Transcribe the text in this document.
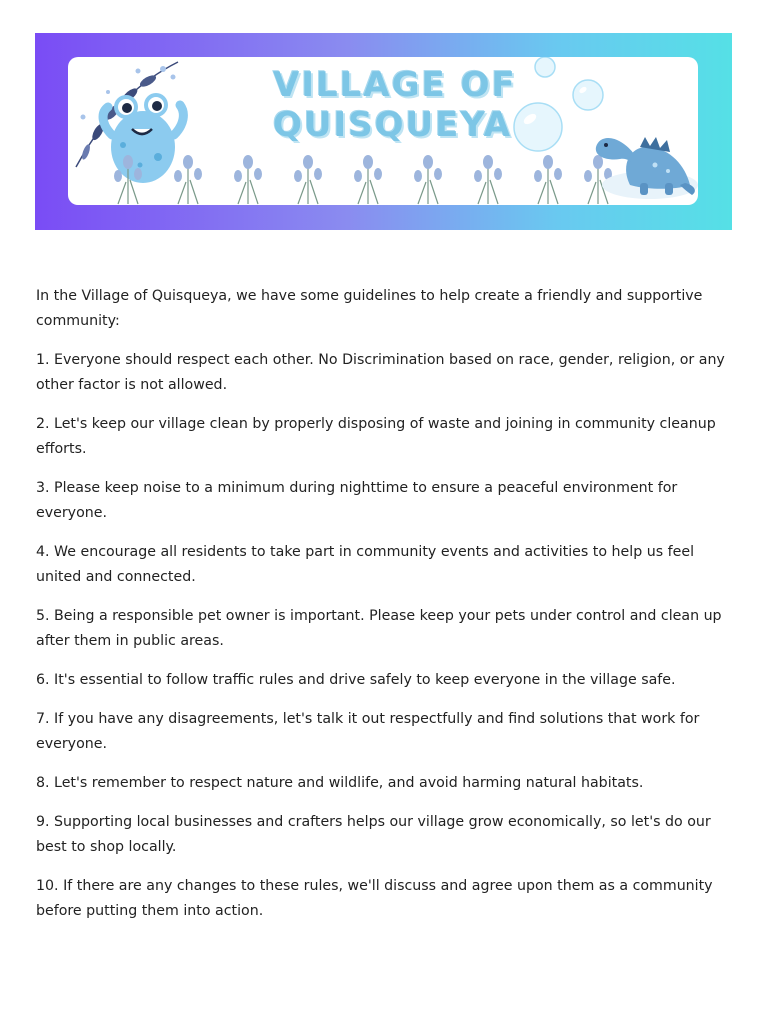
VILLAGE OF
QUISQUEYA

In the Village of Quisqueya, we have some guidelines to help create a friendly and supportive community:

1. Everyone should respect each other. No Discrimination based on race, gender, religion, or any other factor is not allowed.

2. Let's keep our village clean by properly disposing of waste and joining in community cleanup efforts.

3. Please keep noise to a minimum during nighttime to ensure a peaceful environment for everyone.

4. We encourage all residents to take part in community events and activities to help us feel united and connected.

5. Being a responsible pet owner is important. Please keep your pets under control and clean up after them in public areas.

6. It's essential to follow traffic rules and drive safely to keep everyone in the village safe.

7. If you have any disagreements, let's talk it out respectfully and find solutions that work for everyone.

8. Let's remember to respect nature and wildlife, and avoid harming natural habitats.

9. Supporting local businesses and crafters helps our village grow economically, so let's do our best to shop locally.

10. If there are any changes to these rules, we'll discuss and agree upon them as a community before putting them into action.
